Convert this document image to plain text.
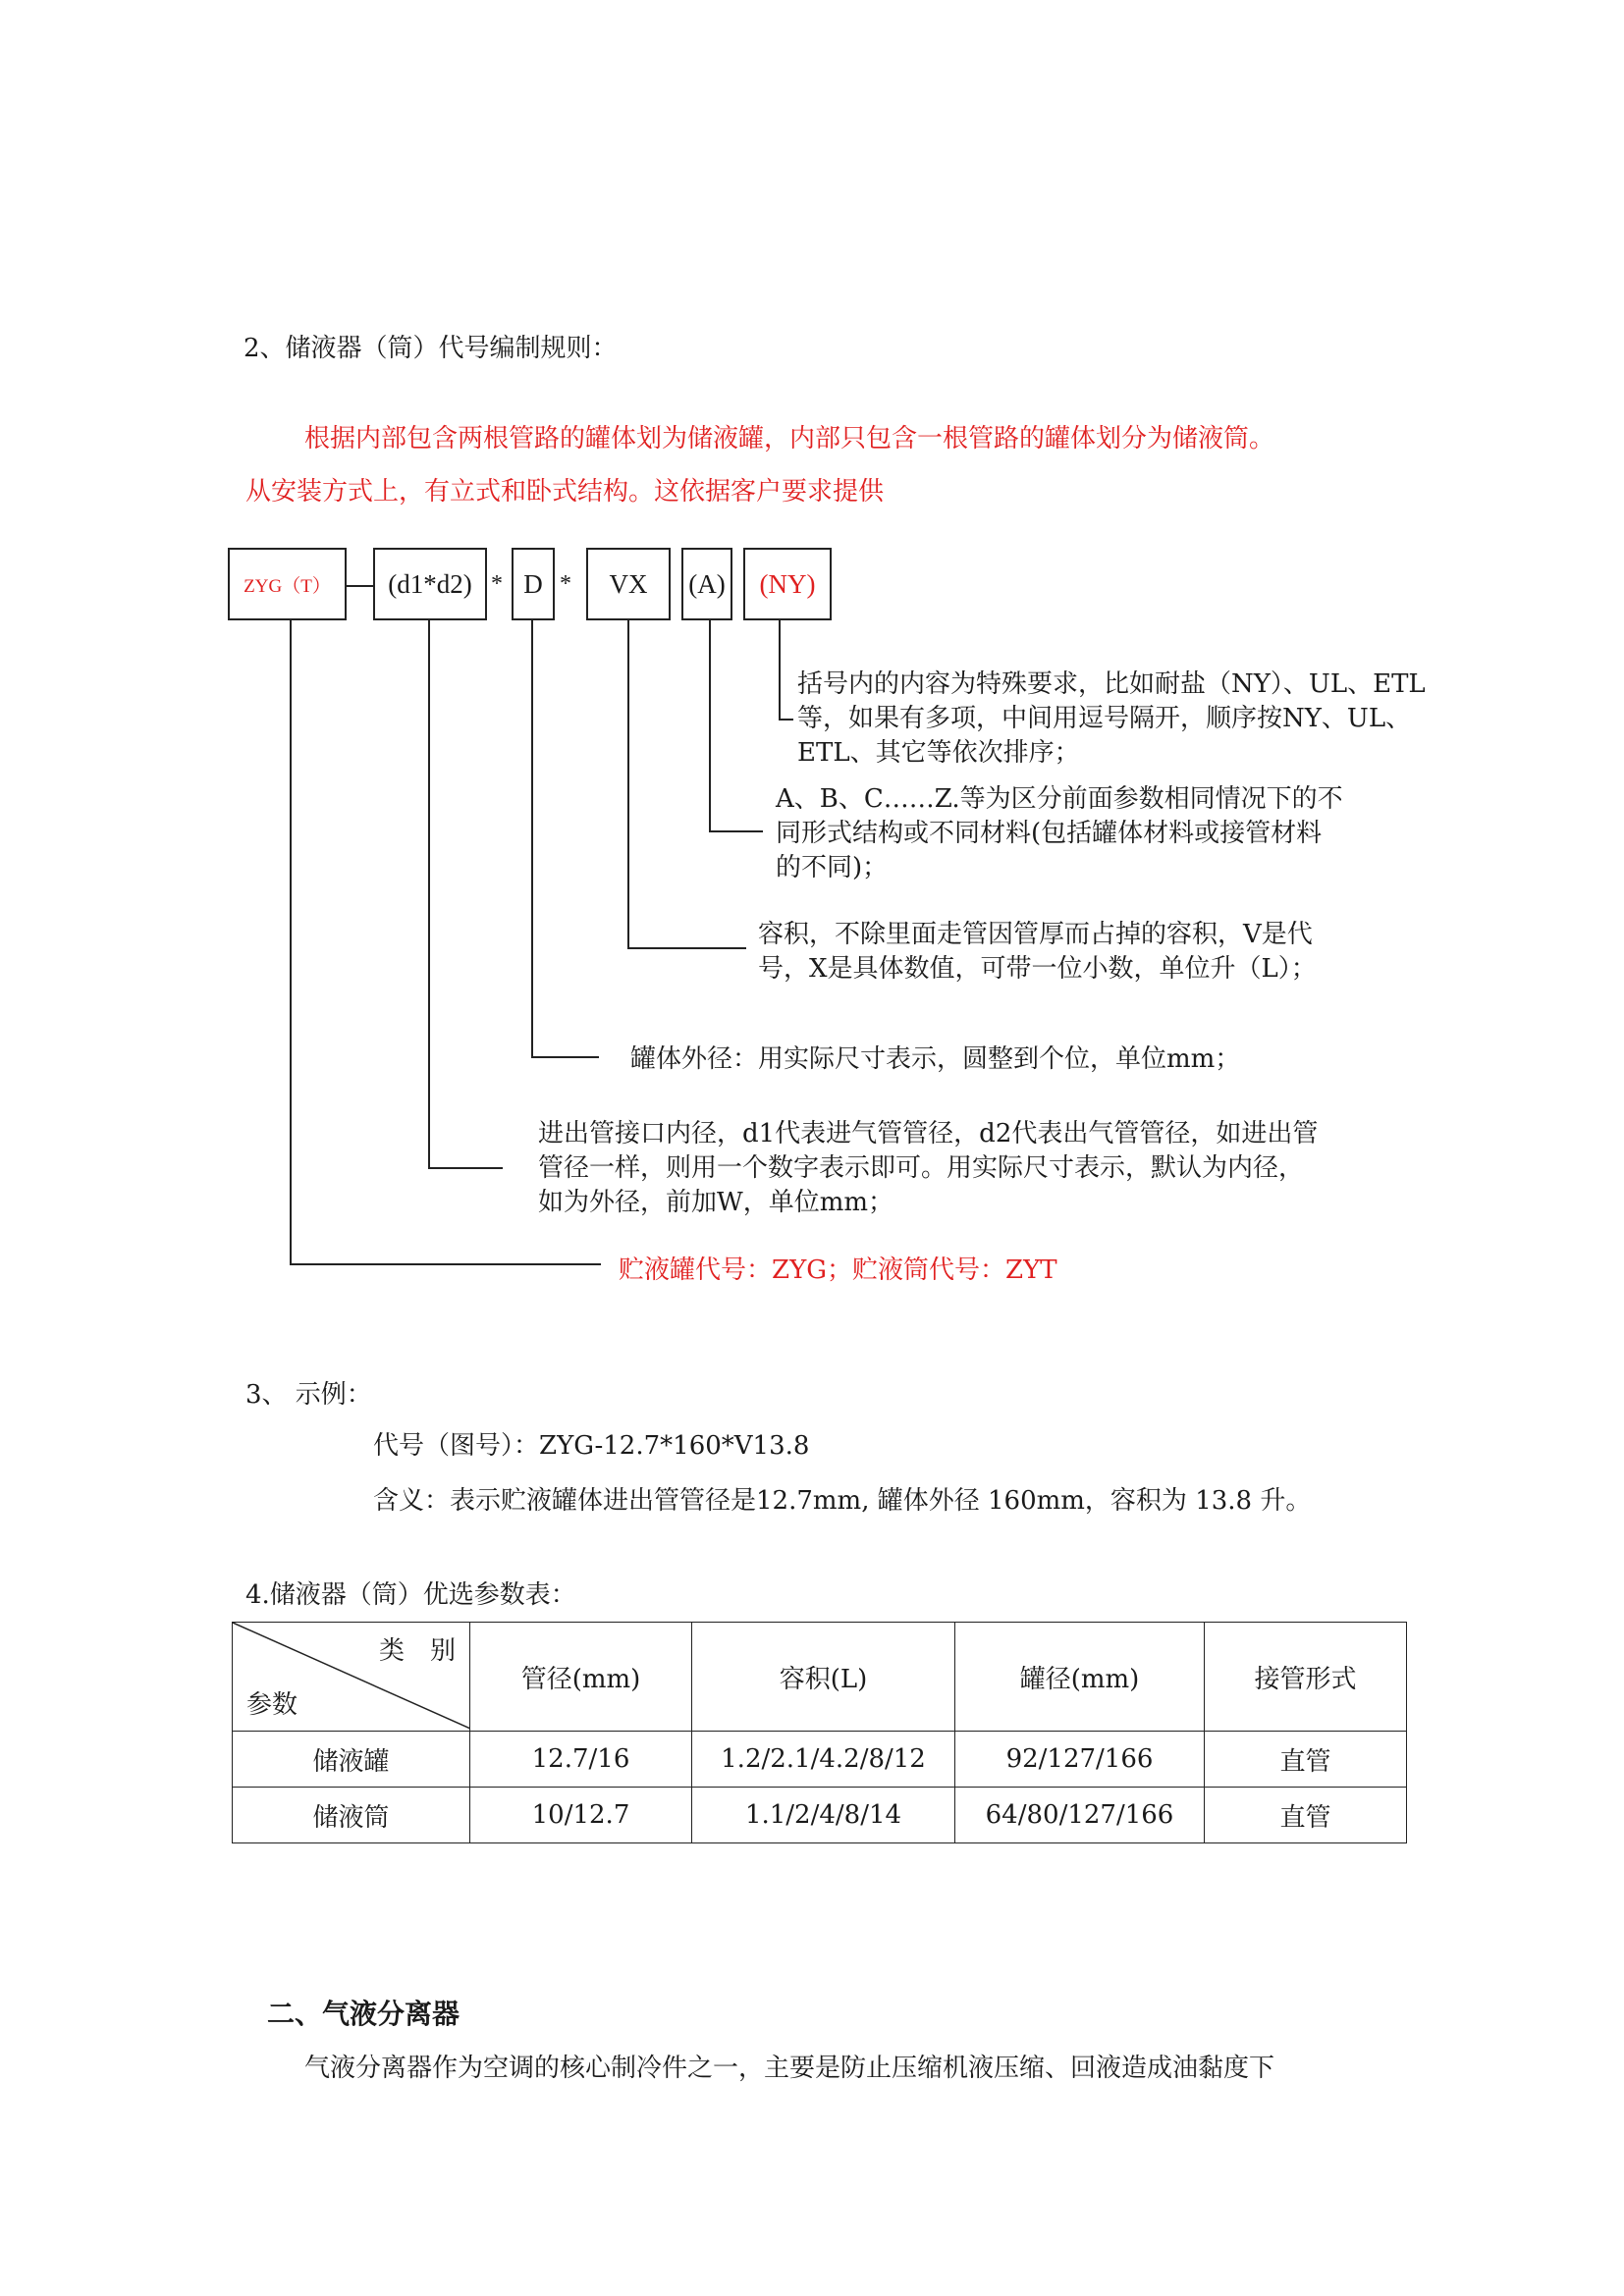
2、储液器（筒）代号编制规则：
根据内部包含两根管路的罐体划为储液罐，内部只包含一根管路的罐体划分为储液筒。
从安装方式上，有立式和卧式结构。这依据客户要求提供
ZYG（T）	(d1*d2) * D *	VX	(A)	(NY)
括号内的内容为特殊要求，比如耐盐（NY）、UL、ETL
等，如果有多项，中间用逗号隔开，顺序按NY、UL、
ETL、其它等依次排序；
A、B、C……Z.等为区分前面参数相同情况下的不
同形式结构或不同材料(包括罐体材料或接管材料
的不同)；
容积，不除里面走管因管厚而占掉的容积，V是代
号，X是具体数值，可带一位小数，单位升（L）；
罐体外径：用实际尺寸表示，圆整到个位，单位mm；
进出管接口内径，d1代表进气管管径，d2代表出气管管径，如进出管
管径一样，则用一个数字表示即可。用实际尺寸表示，默认为内径，
如为外径，前加W，单位mm；
贮液罐代号：ZYG；贮液筒代号：ZYT
3、 示例：
代号（图号）：ZYG-12.7*160*V13.8
含义：表示贮液罐体进出管管径是12.7mm, 罐体外径 160mm，容积为 13.8 升。
4.储液器（筒）优选参数表：
类　别
参数	管径(mm)	容积(L)	罐径(mm)	接管形式
储液罐	12.7/16	1.2/2.1/4.2/8/12	92/127/166	直管
储液筒	10/12.7	1.1/2/4/8/14	64/80/127/166	直管
二、气液分离器
气液分离器作为空调的核心制冷件之一，主要是防止压缩机液压缩、回液造成油黏度下
